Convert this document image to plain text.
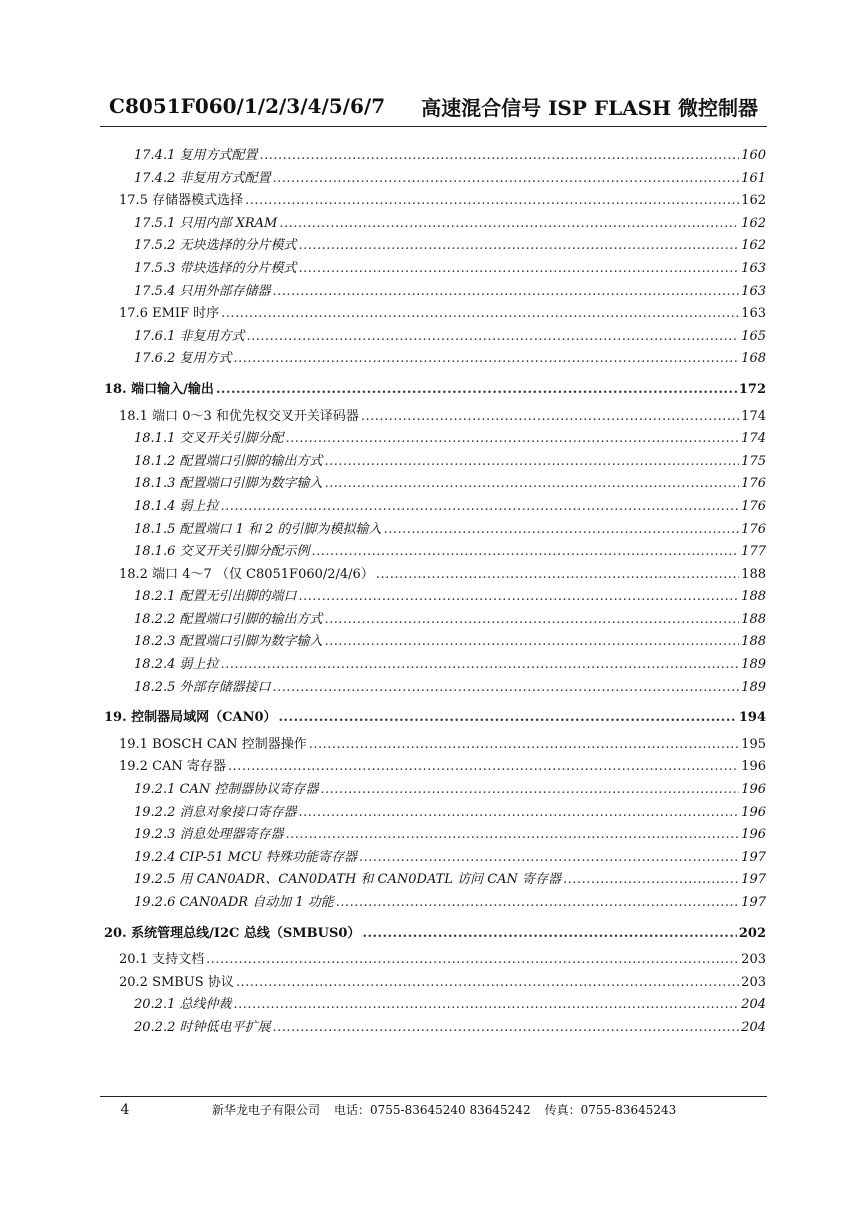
C8051F060/1/2/3/4/5/6/7 高速混合信号 ISP FLASH 微控制器
17.4.1 复用方式配置 .....	160
17.4.2 非复用方式配置 .....	161
17.5 存储器模式选择 .....	162
17.5.1 只用内部 XRAM .....	162
17.5.2 无块选择的分片模式 .....	162
17.5.3 带块选择的分片模式 .....	163
17.5.4 只用外部存储器 .....	163
17.6 EMIF 时序 .....	163
17.6.1 非复用方式 .....	165
17.6.2 复用方式 .....	168
18. 端口输入/输出 .....	172
18.1 端口 0～3 和优先权交叉开关译码器 .....	174
18.1.1 交叉开关引脚分配 .....	174
18.1.2 配置端口引脚的输出方式 .....	175
18.1.3 配置端口引脚为数字输入 .....	176
18.1.4 弱上拉 .....	176
18.1.5 配置端口 1 和 2 的引脚为模拟输入 .....	176
18.1.6 交叉开关引脚分配示例 .....	177
18.2 端口 4～7 （仅 C8051F060/2/4/6） .....	188
18.2.1 配置无引出脚的端口 .....	188
18.2.2 配置端口引脚的输出方式 .....	188
18.2.3 配置端口引脚为数字输入 .....	188
18.2.4 弱上拉 .....	189
18.2.5 外部存储器接口 .....	189
19. 控制器局域网（CAN0） .....	194
19.1 BOSCH CAN 控制器操作 .....	195
19.2 CAN 寄存器 .....	196
19.2.1 CAN 控制器协议寄存器 .....	196
19.2.2 消息对象接口寄存器 .....	196
19.2.3 消息处理器寄存器 .....	196
19.2.4 CIP-51 MCU 特殊功能寄存器 .....	197
19.2.5 用 CAN0ADR、CAN0DATH 和 CAN0DATL 访问 CAN 寄存器 .....	197
19.2.6 CAN0ADR 自动加 1 功能 .....	197
20. 系统管理总线/I2C 总线（SMBUS0） .....	202
20.1 支持文档 .....	203
20.2 SMBUS 协议 .....	203
20.2.1 总线仲裁 .....	204
20.2.2 时钟低电平扩展 .....	204
4	新华龙电子有限公司 电话：0755-83645240 83645242 传真：0755-83645243
